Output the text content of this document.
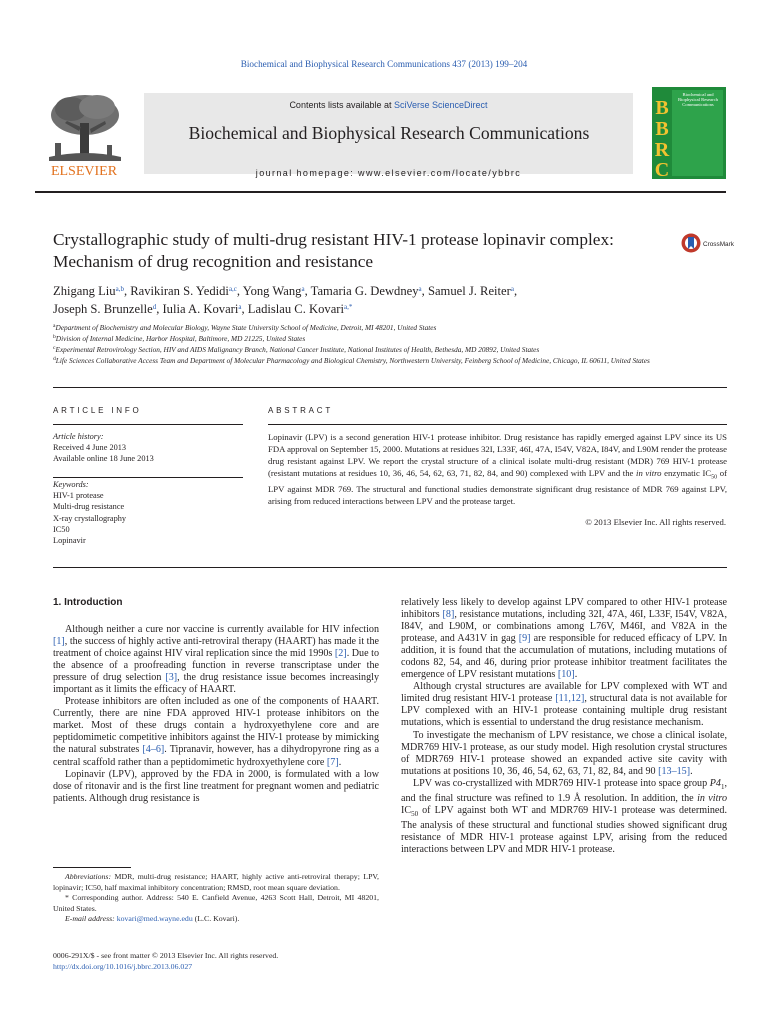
Biochemical and Biophysical Research Communications 437 (2013) 199–204
ELSEVIER
Contents lists available at SciVerse ScienceDirect
Biochemical and Biophysical Research Communications
journal homepage: www.elsevier.com/locate/ybbrc
B
B
R
C
Biochemical and Biophysical Research Communications
Crystallographic study of multi-drug resistant HIV-1 protease lopinavir complex: Mechanism of drug recognition and resistance
CrossMark
Zhigang Liu$^{a,b}$, Ravikiran S. Yedidi$^{a,c}$, Yong Wang$^a$, Tamaria G. Dewdney$^a$, Samuel J. Reiter$^a$,
Joseph S. Brunzelle$^d$, Iulia A. Kovari$^a$, Ladislau C. Kovari$^{a,*}$
$^a$Department of Biochemistry and Molecular Biology, Wayne State University School of Medicine, Detroit, MI 48201, United States
$^b$Division of Internal Medicine, Harbor Hospital, Baltimore, MD 21225, United States
$^c$Experimental Retrovirology Section, HIV and AIDS Malignancy Branch, National Cancer Institute, National Institutes of Health, Bethesda, MD 20892, United States
$^d$Life Sciences Collaborative Access Team and Department of Molecular Pharmacology and Biological Chemistry, Northwestern University, Feinberg School of Medicine, Chicago, IL 60611, United States
ARTICLE INFO
Article history:
Received 4 June 2013
Available online 18 June 2013
Keywords:
HIV-1 protease
Multi-drug resistance
X-ray crystallography
IC50
Lopinavir
ABSTRACT
Lopinavir (LPV) is a second generation HIV-1 protease inhibitor. Drug resistance has rapidly emerged against LPV since its US FDA approval on September 15, 2000. Mutations at residues 32I, L33F, 46I, 47A, I54V, V82A, I84V, and L90M render the protease drug resistant against LPV. We report the crystal structure of a clinical isolate multi-drug resistant (MDR) 769 HIV-1 protease (resistant mutations at residues 10, 36, 46, 54, 62, 63, 71, 82, 84, and 90) complexed with LPV and the in vitro enzymatic $IC_{50}$ of LPV against MDR 769. The structural and functional studies demonstrate significant drug resistance of MDR 769 against LPV, arising from reduced interactions between LPV and the protease target.
© 2013 Elsevier Inc. All rights reserved.
1. Introduction

Although neither a cure nor vaccine is currently available for HIV infection [1], the success of highly active anti-retroviral therapy (HAART) has made it the treatment of choice against HIV viral replication since the mid 1990s [2]. Due to the absence of a proofreading function in reverse transcriptase under the pressure of drug selection [3], the drug resistance issue becomes increasingly important as it limits the efficacy of HAART.

Protease inhibitors are often included as one of the components of HAART. Currently, there are nine FDA approved HIV-1 protease inhibitors on the market. Most of these drugs contain a hydroxyethylene core and are peptidomimetic competitive inhibitors against the HIV-1 protease by mimicking the natural substrates [4–6]. Tipranavir, however, has a dihydropyrone ring as a central scaffold rather than a peptidomimetic hydroxyethylene core [7].

Lopinavir (LPV), approved by the FDA in 2000, is formulated with a low dose of ritonavir and is the first line treatment for pregnant women and pediatric patients. Although drug resistance is

Abbreviations: MDR, multi-drug resistance; HAART, highly active anti-retroviral therapy; LPV, lopinavir; IC50, half maximal inhibitory concentration; RMSD, root mean square deviation.

* Corresponding author. Address: 540 E. Canfield Avenue, 4263 Scott Hall, Detroit, MI 48201, United States.

E-mail address: kovari@med.wayne.edu (L.C. Kovari).

0006-291X/$ - see front matter © 2013 Elsevier Inc. All rights reserved.
http://dx.doi.org/10.1016/j.bbrc.2013.06.027

relatively less likely to develop against LPV compared to other HIV-1 protease inhibitors [8], resistance mutations, including 32I, 47A, 46I, L33F, I54V, V82A, I84V, and L90M, or combinations among L76V, M46I, and V82A in the protease, and A431V in gag [9] are responsible for reduced efficacy of LPV. In addition, it is found that the accumulation of mutations, including mutations of codons 82, 54, and 46, during prior protease inhibitor treatment facilitates the emergence of LPV resistant mutations [10].

Although crystal structures are available for LPV complexed with WT and limited drug resistant HIV-1 protease [11,12], structural data is not available for LPV complexed with an HIV-1 protease containing multiple drug resistant mutations, which is essential to understand the drug resistance mechanism.

To investigate the mechanism of LPV resistance, we chose a clinical isolate, MDR769 HIV-1 protease, as our study model. High resolution crystal structures of MDR769 HIV-1 protease showed an expanded active site cavity with mutations at positions 10, 36, 46, 54, 62, 63, 71, 82, 84, and 90 [13–15].

LPV was co-crystallized with MDR769 HIV-1 protease into space group $P4_1$, and the final structure was refined to 1.9 Å resolution. In addition, the in vitro $IC_{50}$ of LPV against both WT and MDR769 HIV-1 protease was determined. The analysis of these structural and functional studies showed significant drug resistance of MDR HIV-1 protease against LPV, arising from the reduced interactions between LPV and MDR HIV-1 protease.
